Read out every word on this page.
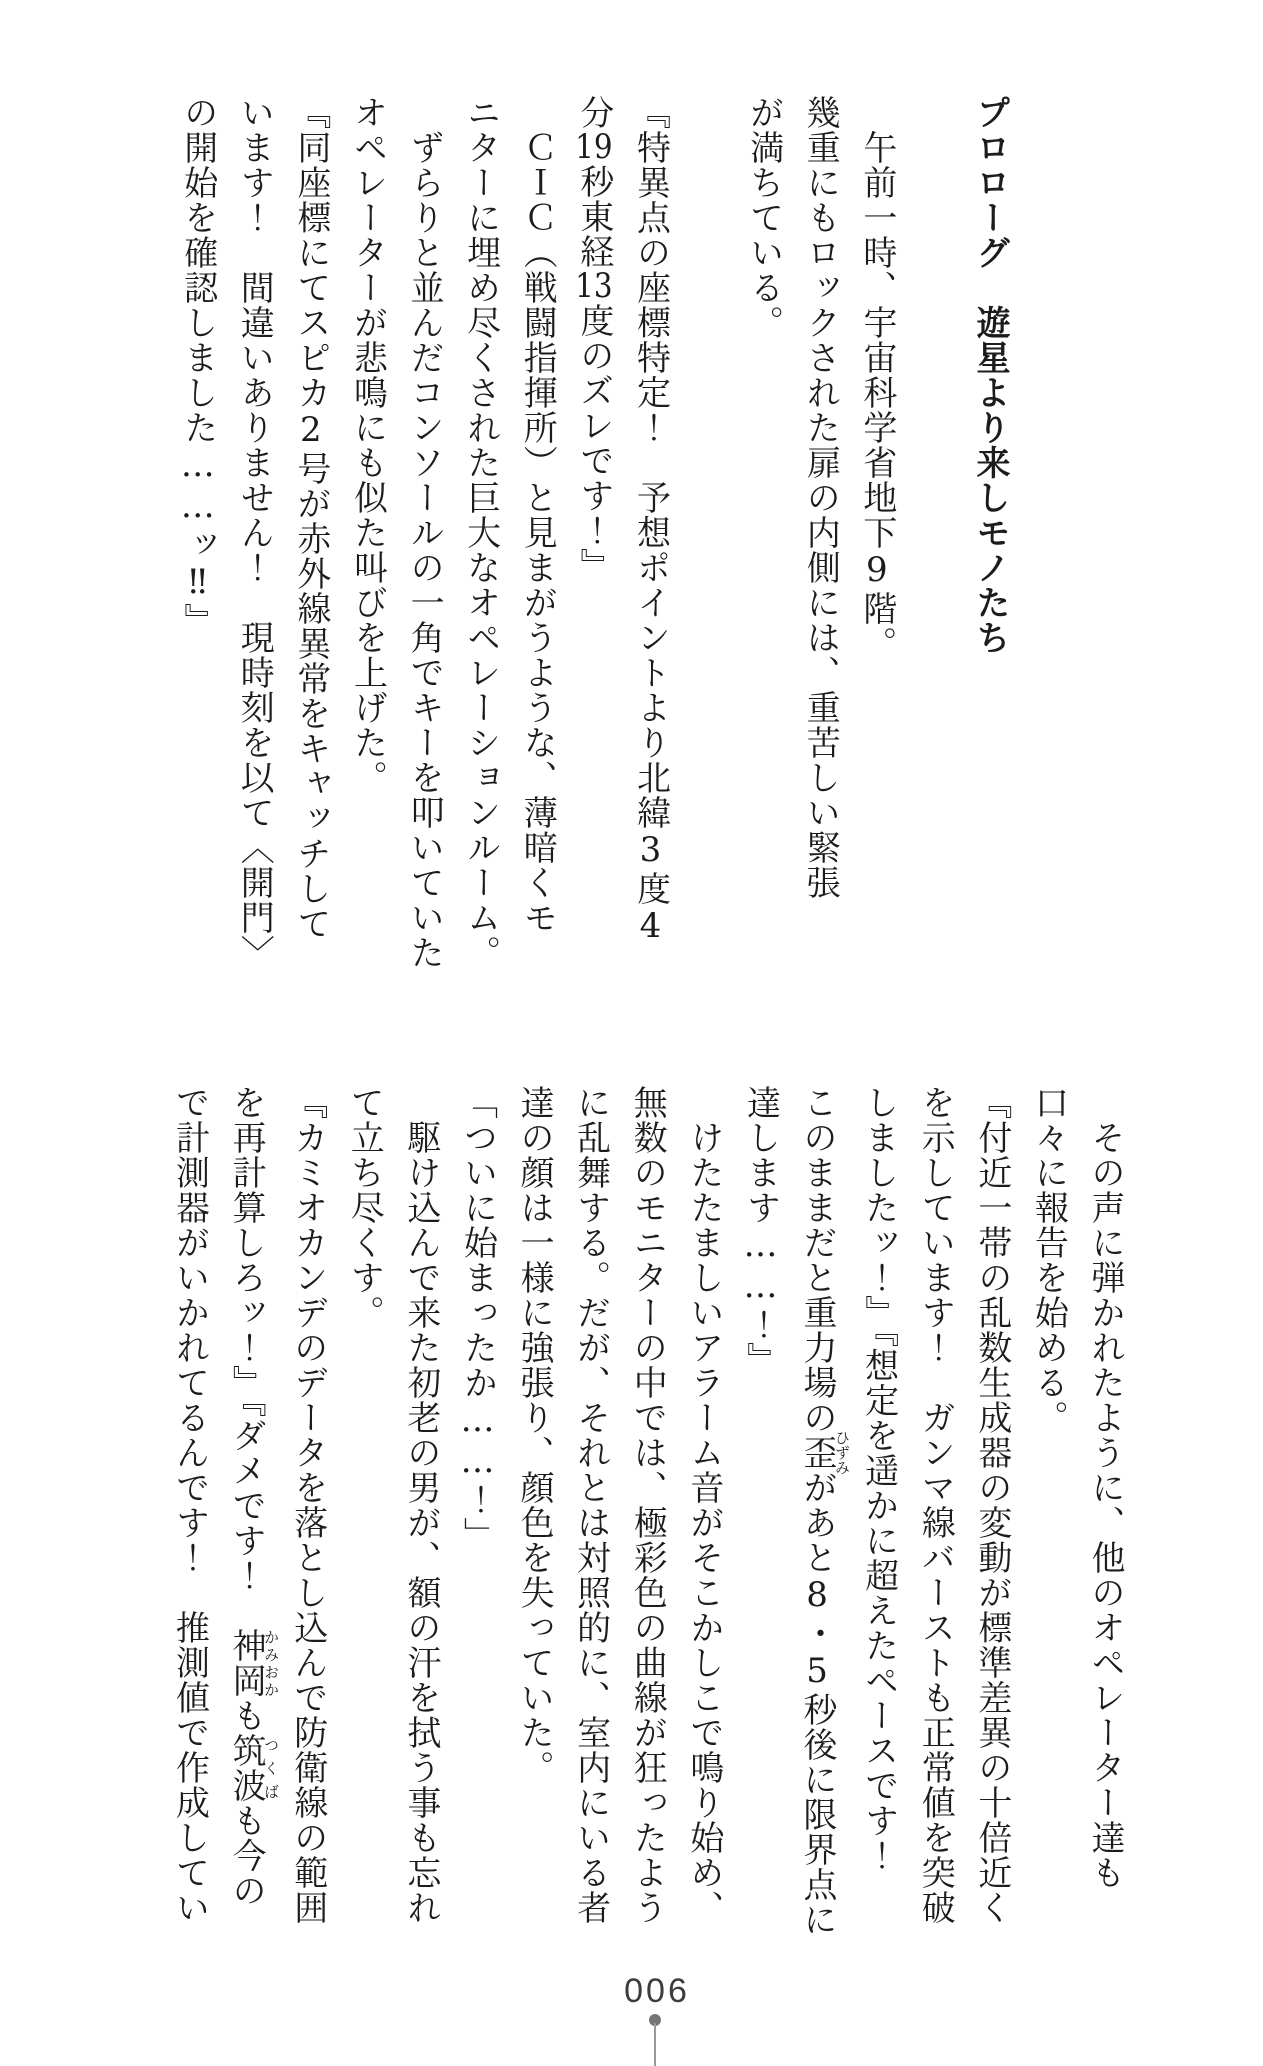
プロローグ　遊星より来しモノたち

　午前一時、宇宙科学省地下9階。
幾重にもロックされた扉の内側には、重苦しい緊張
が満ちている。

『特異点の座標特定！　予想ポイントより北緯3度4
分19秒東経13度のズレです！』
　ＣＩＣ（戦闘指揮所）と見まがうような、薄暗くモ
ニターに埋め尽くされた巨大なオペレーションルーム。
　ずらりと並んだコンソールの一角でキーを叩いていた
オペレーターが悲鳴にも似た叫びを上げた。
『同座標にてスピカ2号が赤外線異常をキャッチして
います！　間違いありません！　現時刻を以て〈開門〉
の開始を確認しました……ッ‼』
　その声に弾かれたように、他のオペレーター達も
口々に報告を始める。
『付近一帯の乱数生成器の変動が標準差異の十倍近く
を示しています！　ガンマ線バーストも正常値を突破
しましたッ！』『想定を遥かに超えたペースです！
このままだと重力場の歪ひずみがあと8・5秒後に限界点に
達します……！』
　けたたましいアラーム音がそこかしこで鳴り始め、
無数のモニターの中では、極彩色の曲線が狂ったよう
に乱舞する。だが、それとは対照的に、室内にいる者
達の顔は一様に強張り、顔色を失っていた。
「ついに始まったか……！」
　駆け込んで来た初老の男が、額の汗を拭う事も忘れ
て立ち尽くす。
『カミオカンデのデータを落とし込んで防衛線の範囲
を再計算しろッ！』『ダメです！　神岡かみおかも筑波つくばも今の
で計測器がいかれてるんです！　推測値で作成してい
006
